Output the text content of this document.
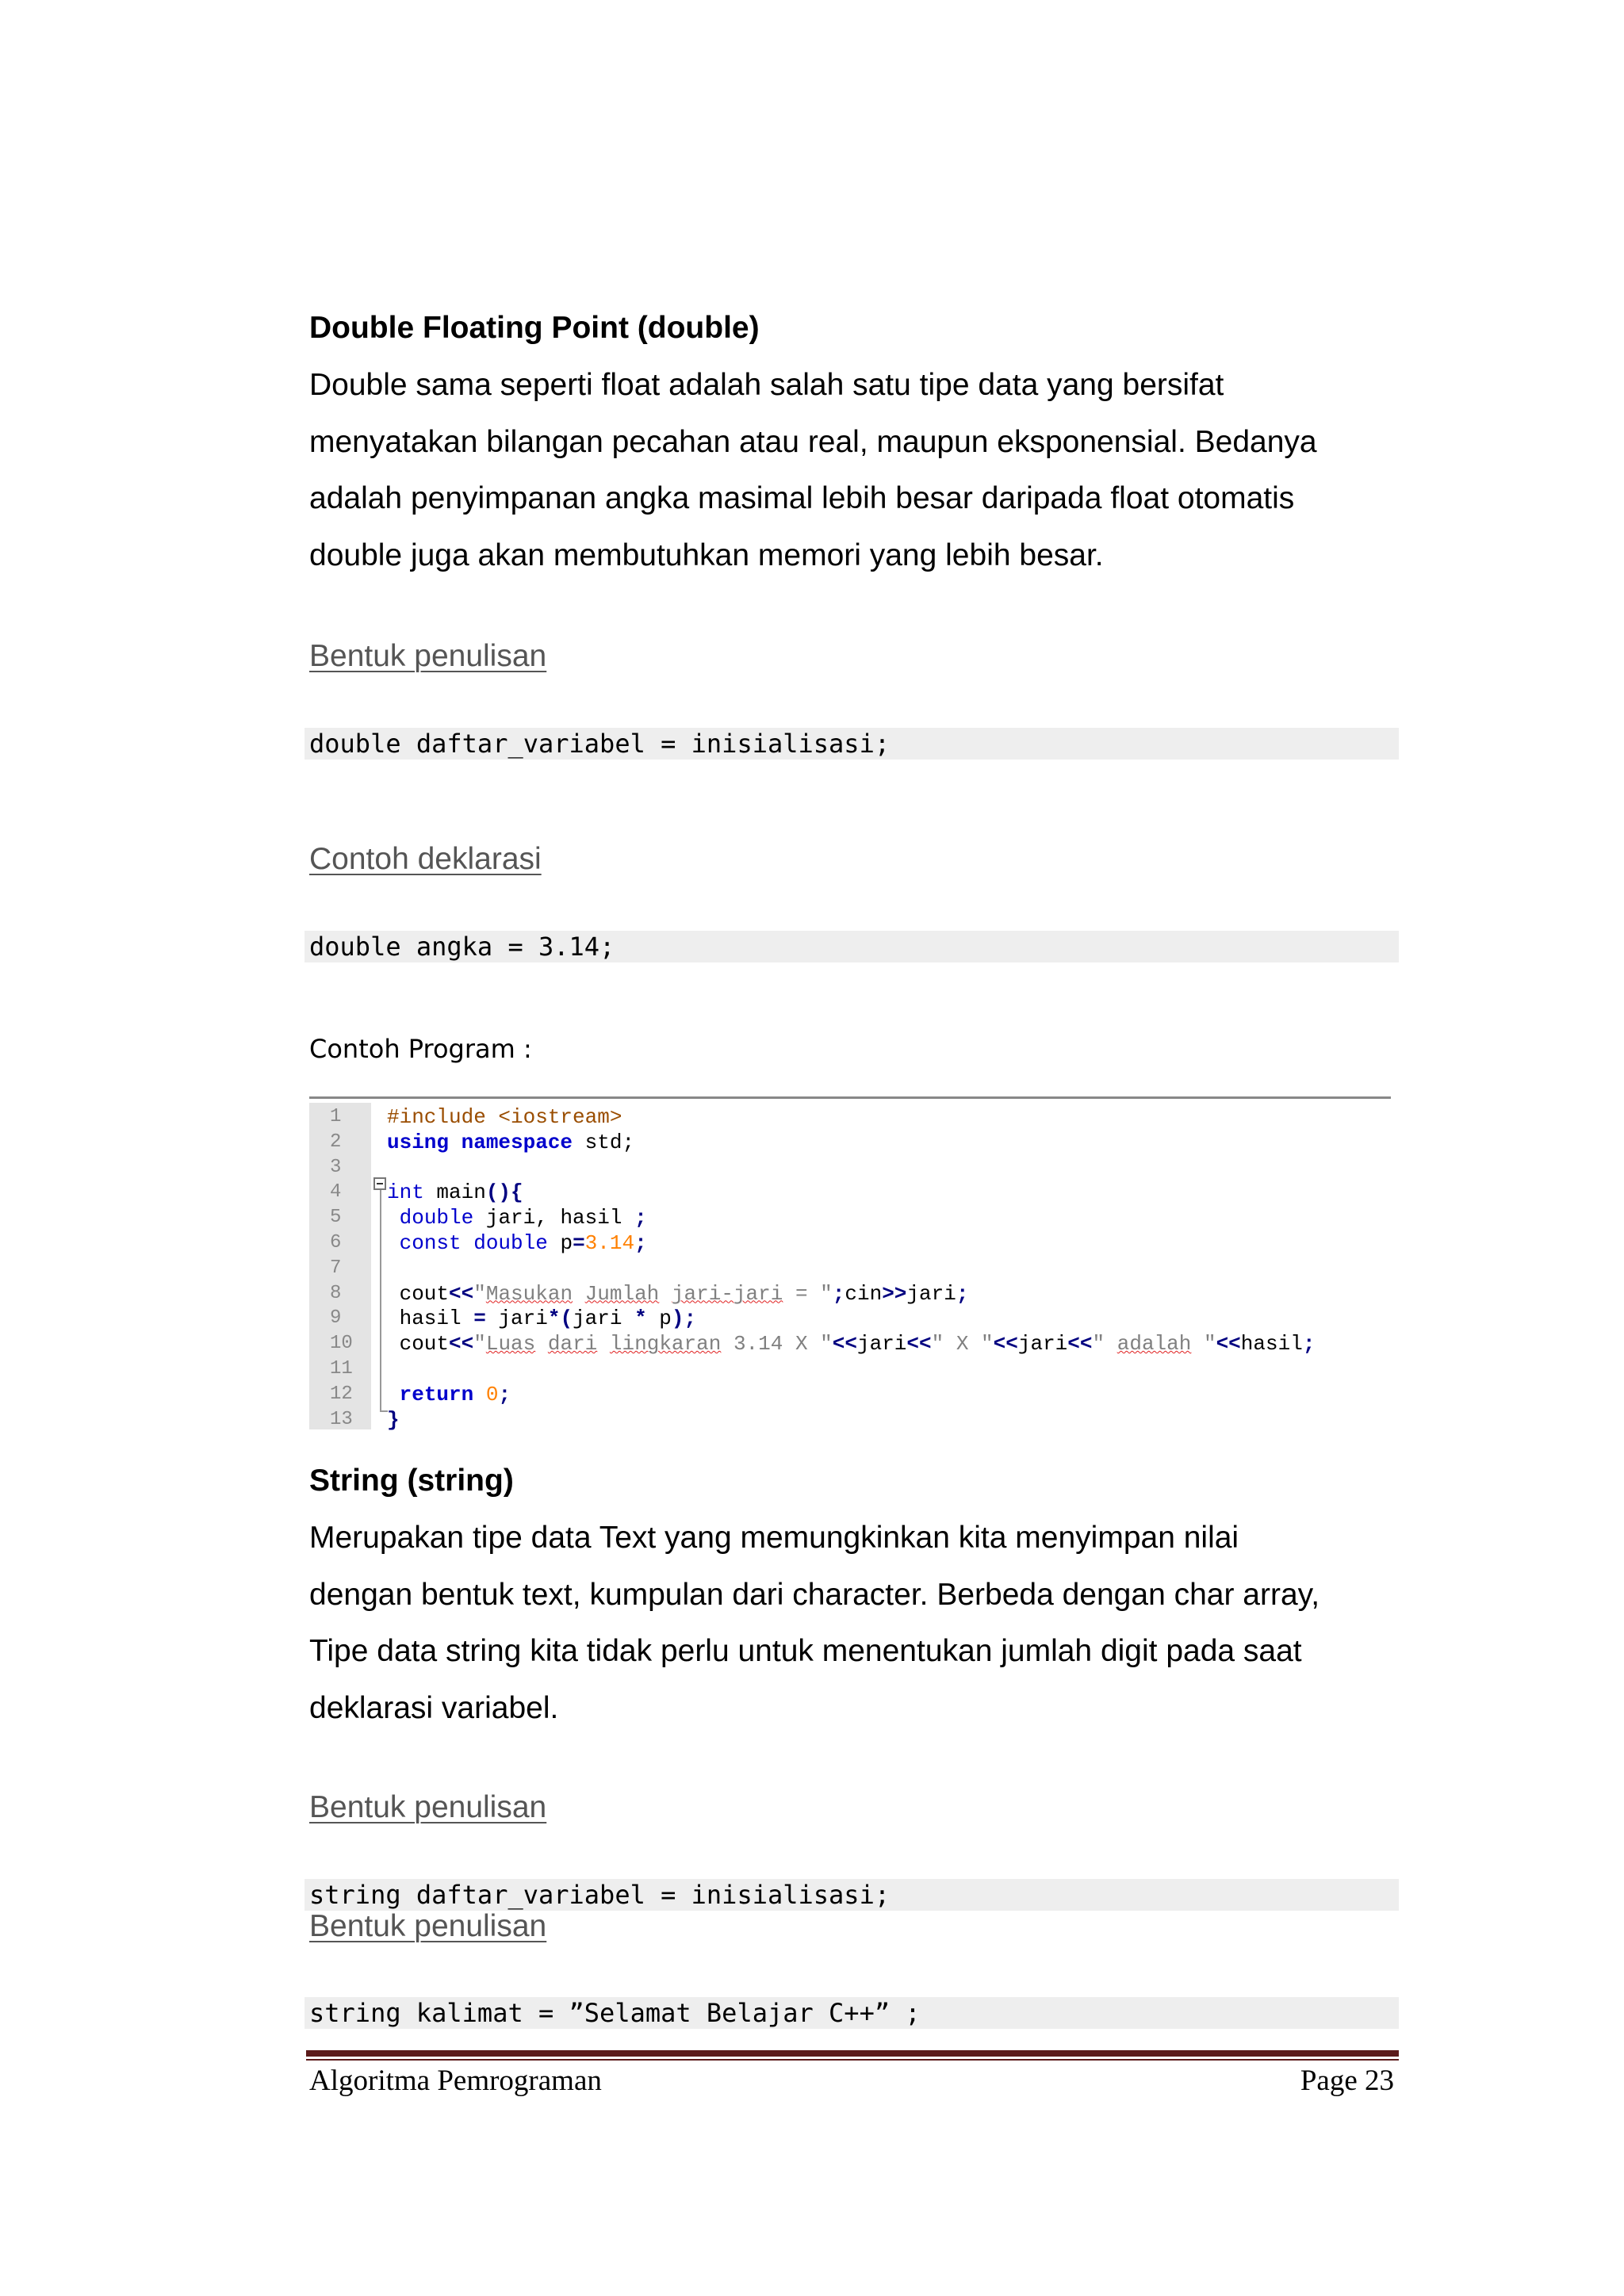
Double Floating Point (double)
Double sama seperti float adalah salah satu tipe data yang bersifat
menyatakan bilangan pecahan atau real, maupun eksponensial. Bedanya
adalah penyimpanan angka masimal lebih besar daripada float otomatis
double juga akan membutuhkan memori yang lebih besar.
Bentuk penulisan
double daftar_variabel = inisialisasi;
Contoh deklarasi
double angka = 3.14;
Contoh Program :
1	#include <iostream>
2	using namespace std;
3
4	int main(){
5	double jari, hasil ;
6	const double p=3.14;
7
8	cout<<"Masukan Jumlah jari-jari = ";cin>>jari;
9	hasil = jari*(jari * p);
10	cout<<"Luas dari lingkaran 3.14 X "<<jari<<" X "<<jari<<" adalah "<<hasil;
11
12	return 0;
13	}
String (string)
Merupakan tipe data Text yang memungkinkan kita menyimpan nilai
dengan bentuk text, kumpulan dari character. Berbeda dengan char array,
Tipe data string kita tidak perlu untuk menentukan jumlah digit pada saat
deklarasi variabel.
Bentuk penulisan
string daftar_variabel = inisialisasi;
Bentuk penulisan
string kalimat = ”Selamat Belajar C++” ;
Algoritma Pemrograman	Page 23
